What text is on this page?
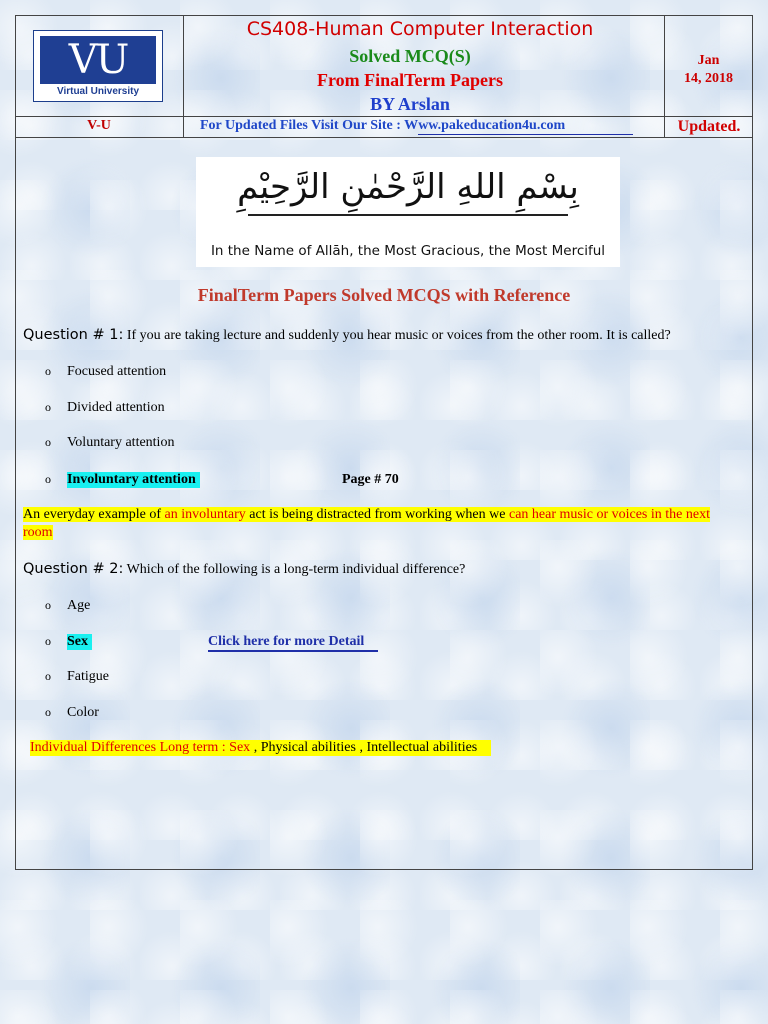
VU
Virtual University
CS408-Human Computer Interaction
Solved MCQ(S)
From FinalTerm Papers
BY Arslan
Jan
14, 2018
V-U	For Updated Files Visit Our Site : Www.pakeducation4u.com	Updated.
بِسْمِ اللهِ الرَّحْمٰنِ الرَّحِيْمِ
In the Name of Allāh, the Most Gracious, the Most Merciful
FinalTerm Papers Solved MCQS with Reference
Question # 1: If you are taking lecture and suddenly you hear music or voices from the other room. It is called?
o Focused attention
o Divided attention
o Voluntary attention
o Involuntary attention	Page # 70
An everyday example of an involuntary act is being distracted from working when we can hear music or voices in the next room
Question # 2: Which of the following is a long-term individual difference?
o Age
o Sex	Click here for more Detail
o Fatigue
o Color
Individual Differences Long term : Sex , Physical abilities , Intellectual abilities
